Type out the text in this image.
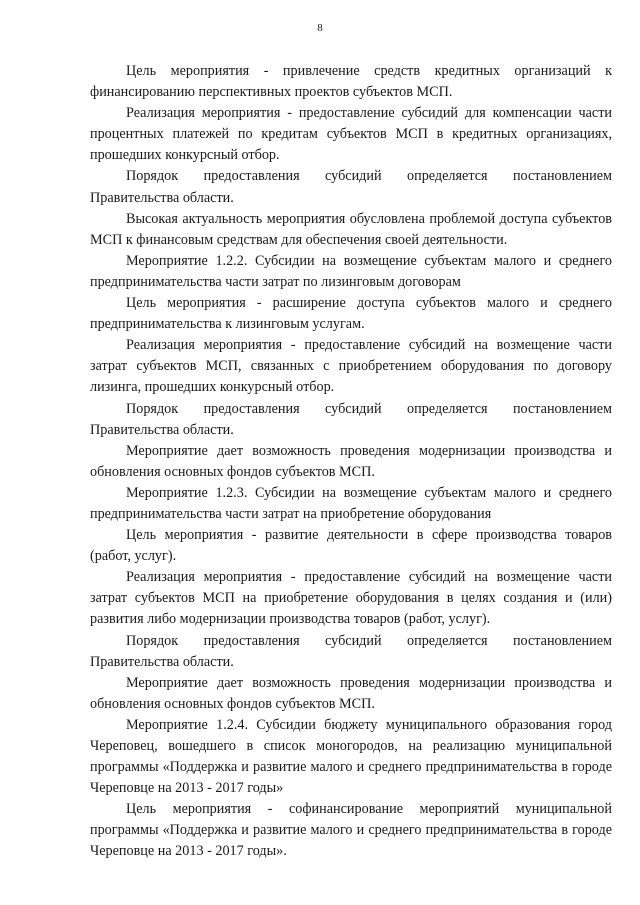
8

Цель мероприятия - привлечение средств кредитных организаций к финансированию перспективных проектов субъектов МСП.

Реализация мероприятия - предоставление субсидий для компенсации части процентных платежей по кредитам субъектов МСП в кредитных организациях, прошедших конкурсный отбор.

Порядок предоставления субсидий определяется постановлением Правительства области.

Высокая актуальность мероприятия обусловлена проблемой доступа субъектов МСП к финансовым средствам для обеспечения своей деятельности.

Мероприятие 1.2.2. Субсидии на возмещение субъектам малого и среднего предпринимательства части затрат по лизинговым договорам

Цель мероприятия - расширение доступа субъектов малого и среднего предпринимательства к лизинговым услугам.

Реализация мероприятия - предоставление субсидий на возмещение части затрат субъектов МСП, связанных с приобретением оборудования по договору лизинга, прошедших конкурсный отбор.

Порядок предоставления субсидий определяется постановлением Правительства области.

Мероприятие дает возможность проведения модернизации производства и обновления основных фондов субъектов МСП.

Мероприятие 1.2.3. Субсидии на возмещение субъектам малого и среднего предпринимательства части затрат на приобретение оборудования

Цель мероприятия - развитие деятельности в сфере производства товаров (работ, услуг).

Реализация мероприятия - предоставление субсидий на возмещение части затрат субъектов МСП на приобретение оборудования в целях создания и (или) развития либо модернизации производства товаров (работ, услуг).

Порядок предоставления субсидий определяется постановлением Правительства области.

Мероприятие дает возможность проведения модернизации производства и обновления основных фондов субъектов МСП.

Мероприятие 1.2.4. Субсидии бюджету муниципального образования город Череповец, вошедшего в список моногородов, на реализацию муниципальной программы «Поддержка и развитие малого и среднего предпринимательства в городе Череповце на 2013 - 2017 годы»

Цель мероприятия - софинансирование мероприятий муниципальной программы «Поддержка и развитие малого и среднего предпринимательства в городе Череповце на 2013 - 2017 годы».
